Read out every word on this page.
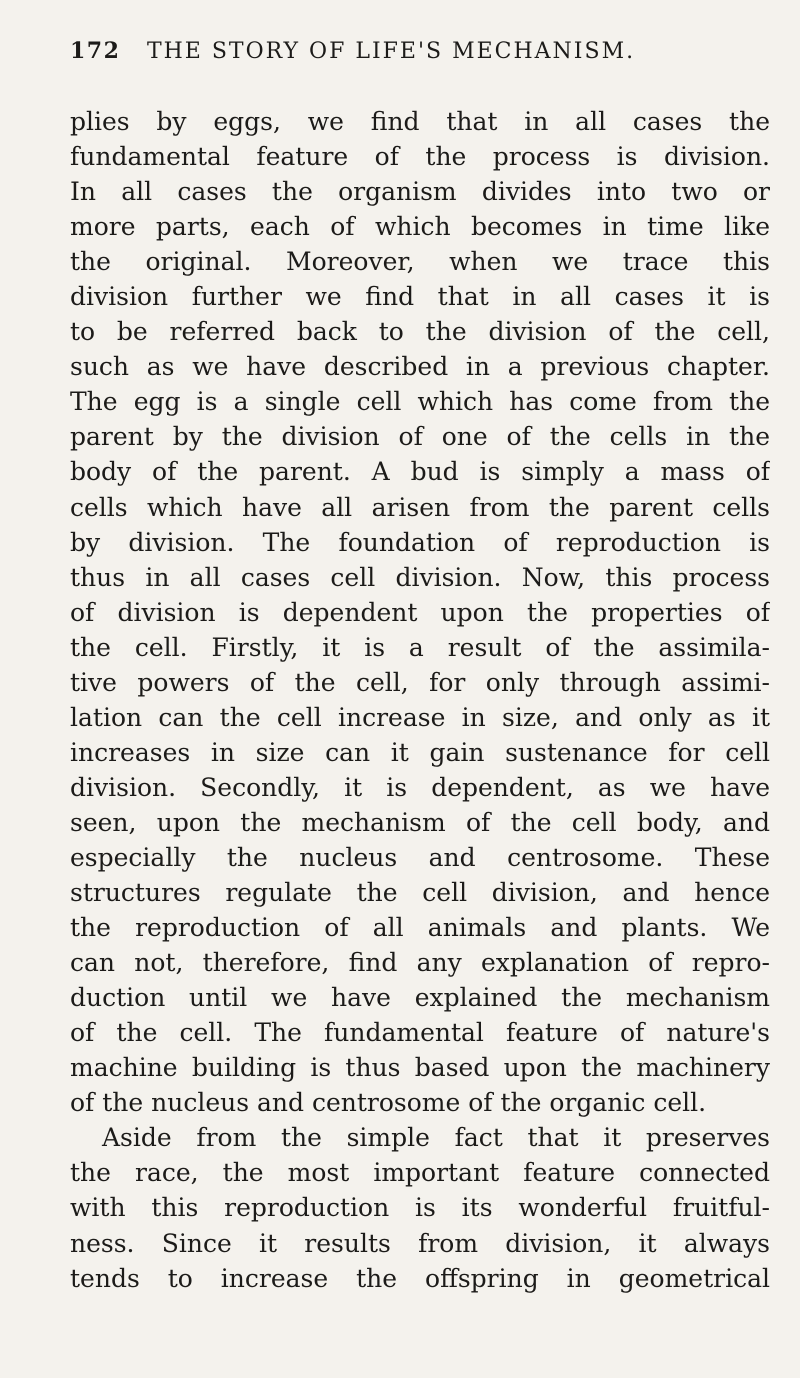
172 THE STORY OF LIFE'S MECHANISM.
plies by eggs, we find that in all cases the
fundamental feature of the process is division.
In all cases the organism divides into two or
more parts, each of which becomes in time like
the original. Moreover, when we trace this
division further we find that in all cases it is
to be referred back to the division of the cell,
such as we have described in a previous chapter.
The egg is a single cell which has come from the
parent by the division of one of the cells in the
body of the parent. A bud is simply a mass of
cells which have all arisen from the parent cells
by division. The foundation of reproduction is
thus in all cases cell division. Now, this process
of division is dependent upon the properties of
the cell. Firstly, it is a result of the assimila-
tive powers of the cell, for only through assimi-
lation can the cell increase in size, and only as it
increases in size can it gain sustenance for cell
division. Secondly, it is dependent, as we have
seen, upon the mechanism of the cell body, and
especially the nucleus and centrosome. These
structures regulate the cell division, and hence
the reproduction of all animals and plants. We
can not, therefore, find any explanation of repro-
duction until we have explained the mechanism
of the cell. The fundamental feature of nature's
machine building is thus based upon the machinery
of the nucleus and centrosome of the organic cell.
Aside from the simple fact that it preserves
the race, the most important feature connected
with this reproduction is its wonderful fruitful-
ness. Since it results from division, it always
tends to increase the offspring in geometrical
